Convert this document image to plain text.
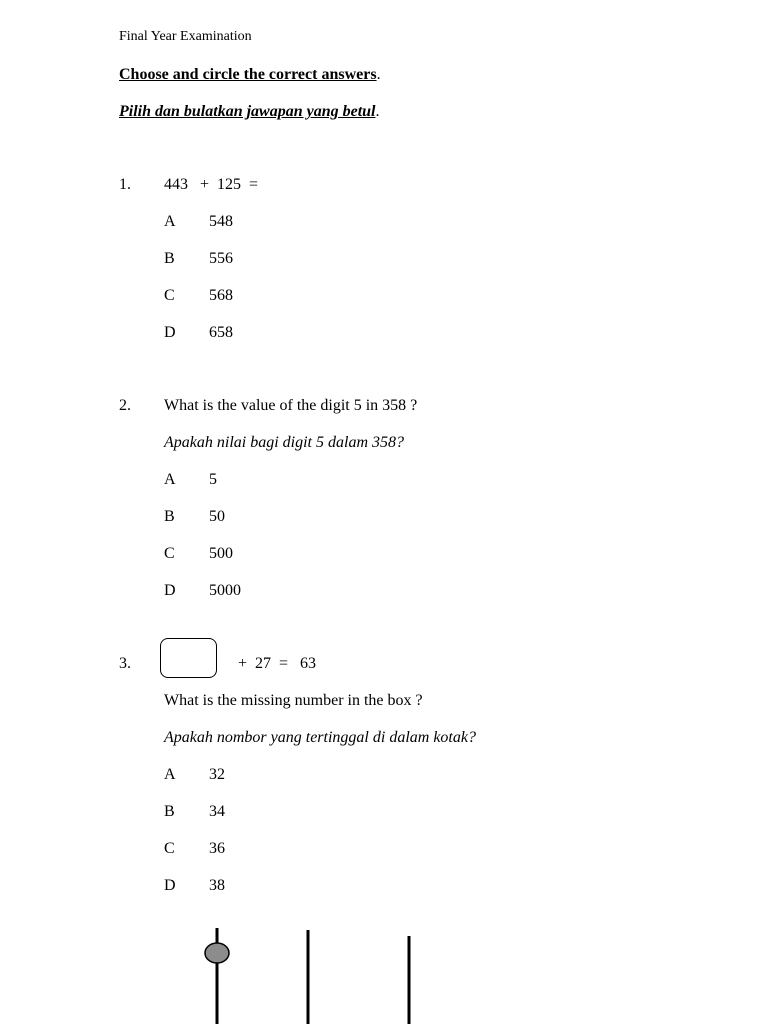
Final Year Examination
Choose and circle the correct answers.
Pilih dan bulatkan jawapan yang betul.
1. 443   +  125  =
A 548
B 556
C 568
D 658
2. What is the value of the digit 5 in 358 ?
Apakah nilai bagi digit 5 dalam 358?
A 5
B 50
C 500
D 5000
3.	+  27  =   63
What is the missing number in the box ?
Apakah nombor yang tertinggal di dalam kotak?
A 32
B 34
C 36
D 38
